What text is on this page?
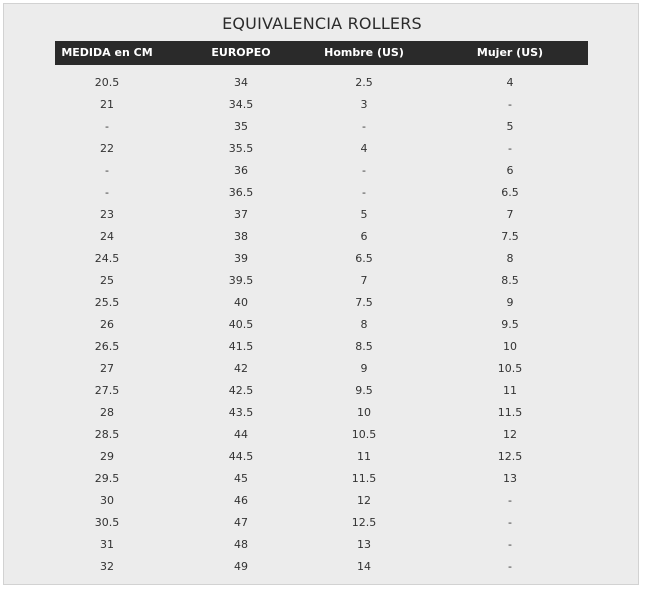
EQUIVALENCIA ROLLERS
MEDIDA en CM	EUROPEO	Hombre (US)	Mujer (US)
20.5	34	2.5	4
21	34.5	3	-
-	35	-	5
22	35.5	4	-
-	36	-	6
-	36.5	-	6.5
23	37	5	7
24	38	6	7.5
24.5	39	6.5	8
25	39.5	7	8.5
25.5	40	7.5	9
26	40.5	8	9.5
26.5	41.5	8.5	10
27	42	9	10.5
27.5	42.5	9.5	11
28	43.5	10	11.5
28.5	44	10.5	12
29	44.5	11	12.5
29.5	45	11.5	13
30	46	12	-
30.5	47	12.5	-
31	48	13	-
32	49	14	-
